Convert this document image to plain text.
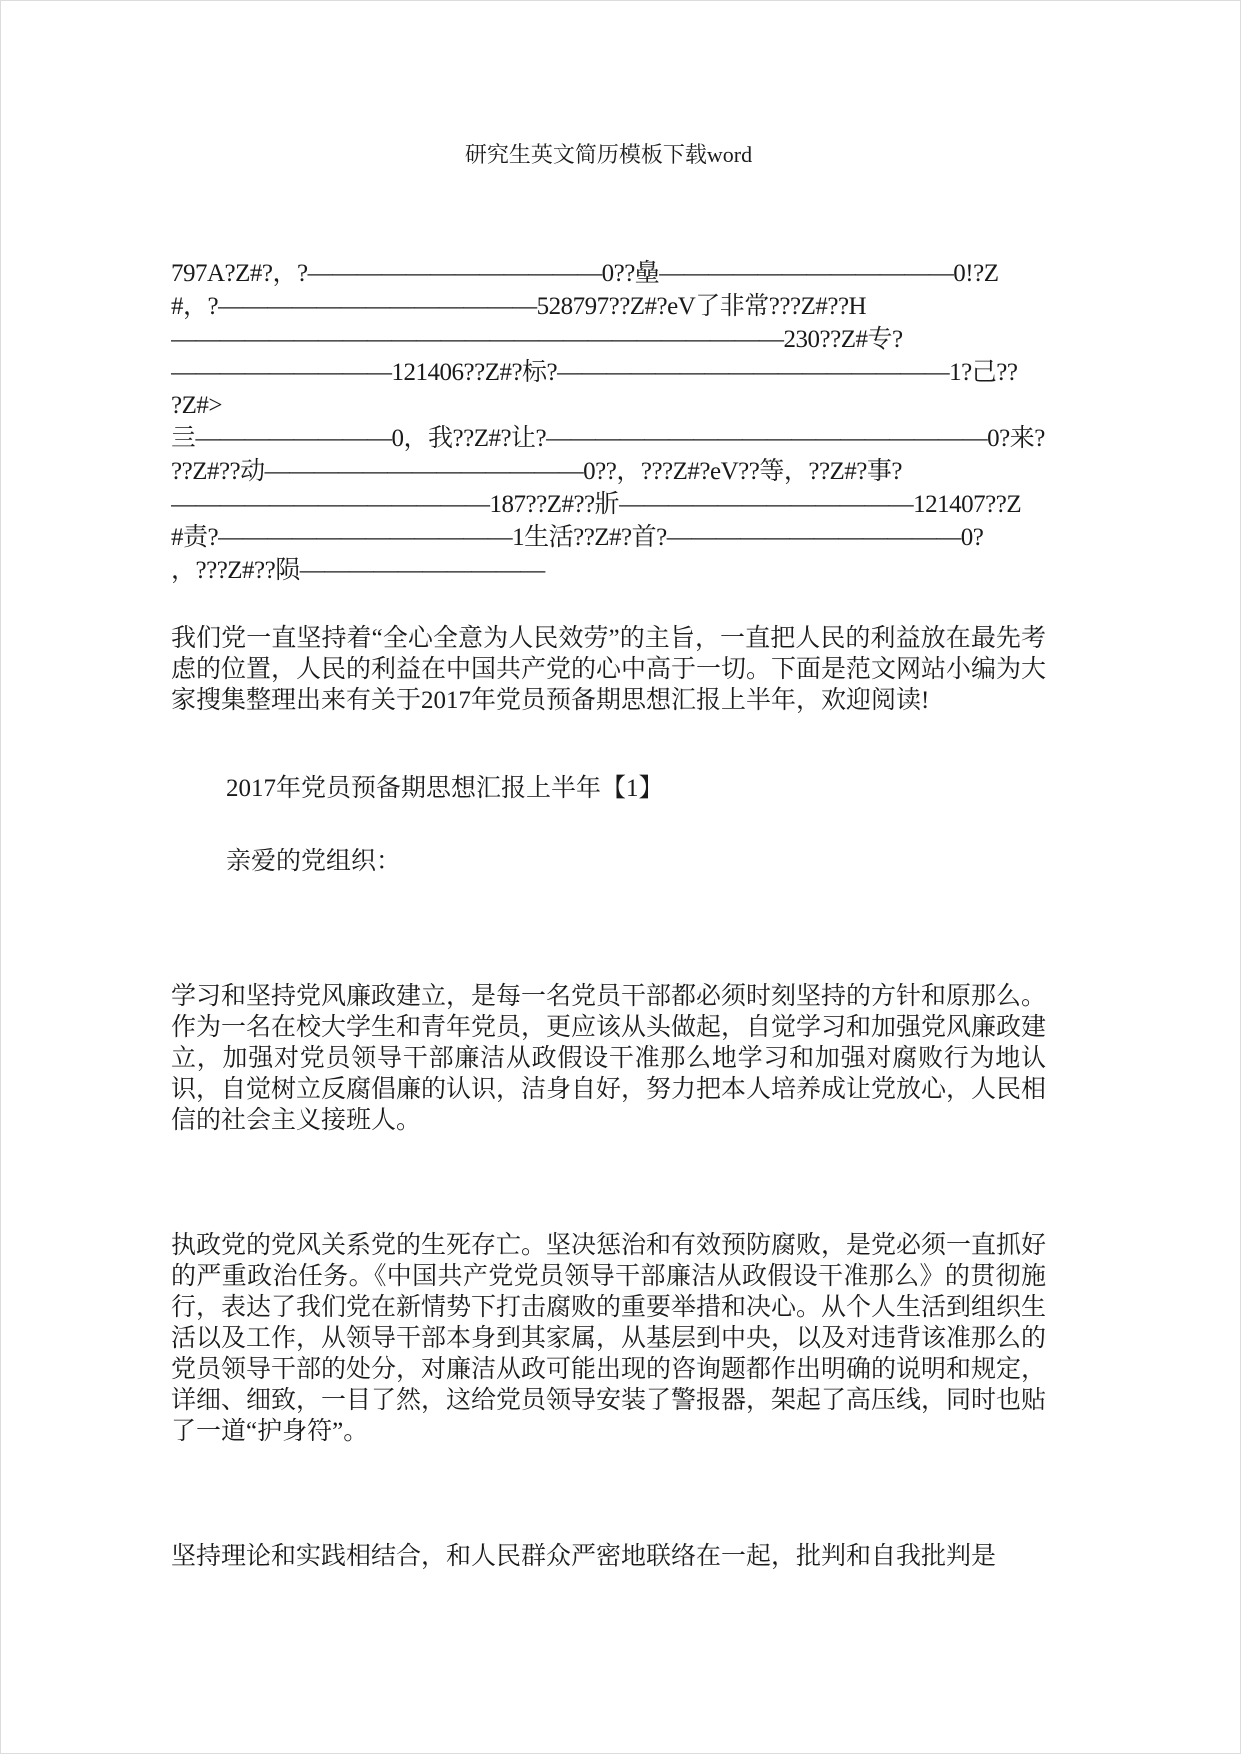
研究生英文简历模板下载word
797A?Z#?，?————————————0??皨————————————0!?Z
#，?—————————————528797??Z#?eV了非常???Z#??H
—————————————————————————230??Z#专?
—————————121406??Z#?标?————————————————1?己??
?Z#>
亖————————0，我??Z#?让?——————————————————0?来?
??Z#??动—————————————0??，???Z#?eV??等，??Z#?事?
—————————————187??Z#??斨————————————121407??Z
#责?————————————1生活??Z#?首?————————————0?
，???Z#??陨——————————
我们党一直坚持着“全心全意为人民效劳”的主旨，一直把人民的利益放在最先考虑的位置，人民的利益在中国共产党的心中高于一切。下面是范文网站小编为大家搜集整理出来有关于2017年党员预备期思想汇报上半年，欢迎阅读!
2017年党员预备期思想汇报上半年【1】
亲爱的党组织：
学习和坚持党风廉政建立，是每一名党员干部都必须时刻坚持的方针和原那么。作为一名在校大学生和青年党员，更应该从头做起，自觉学习和加强党风廉政建立，加强对党员领导干部廉洁从政假设干准那么地学习和加强对腐败行为地认识，自觉树立反腐倡廉的认识，洁身自好，努力把本人培养成让党放心，人民相信的社会主义接班人。
执政党的党风关系党的生死存亡。坚决惩治和有效预防腐败，是党必须一直抓好的严重政治任务。《中国共产党党员领导干部廉洁从政假设干准那么》的贯彻施行，表达了我们党在新情势下打击腐败的重要举措和决心。从个人生活到组织生活以及工作，从领导干部本身到其家属，从基层到中央，以及对违背该准那么的党员领导干部的处分，对廉洁从政可能出现的咨询题都作出明确的说明和规定，详细、细致，一目了然，这给党员领导安装了警报器，架起了高压线，同时也贴了一道“护身符”。
坚持理论和实践相结合，和人民群众严密地联络在一起，批判和自我批判是
